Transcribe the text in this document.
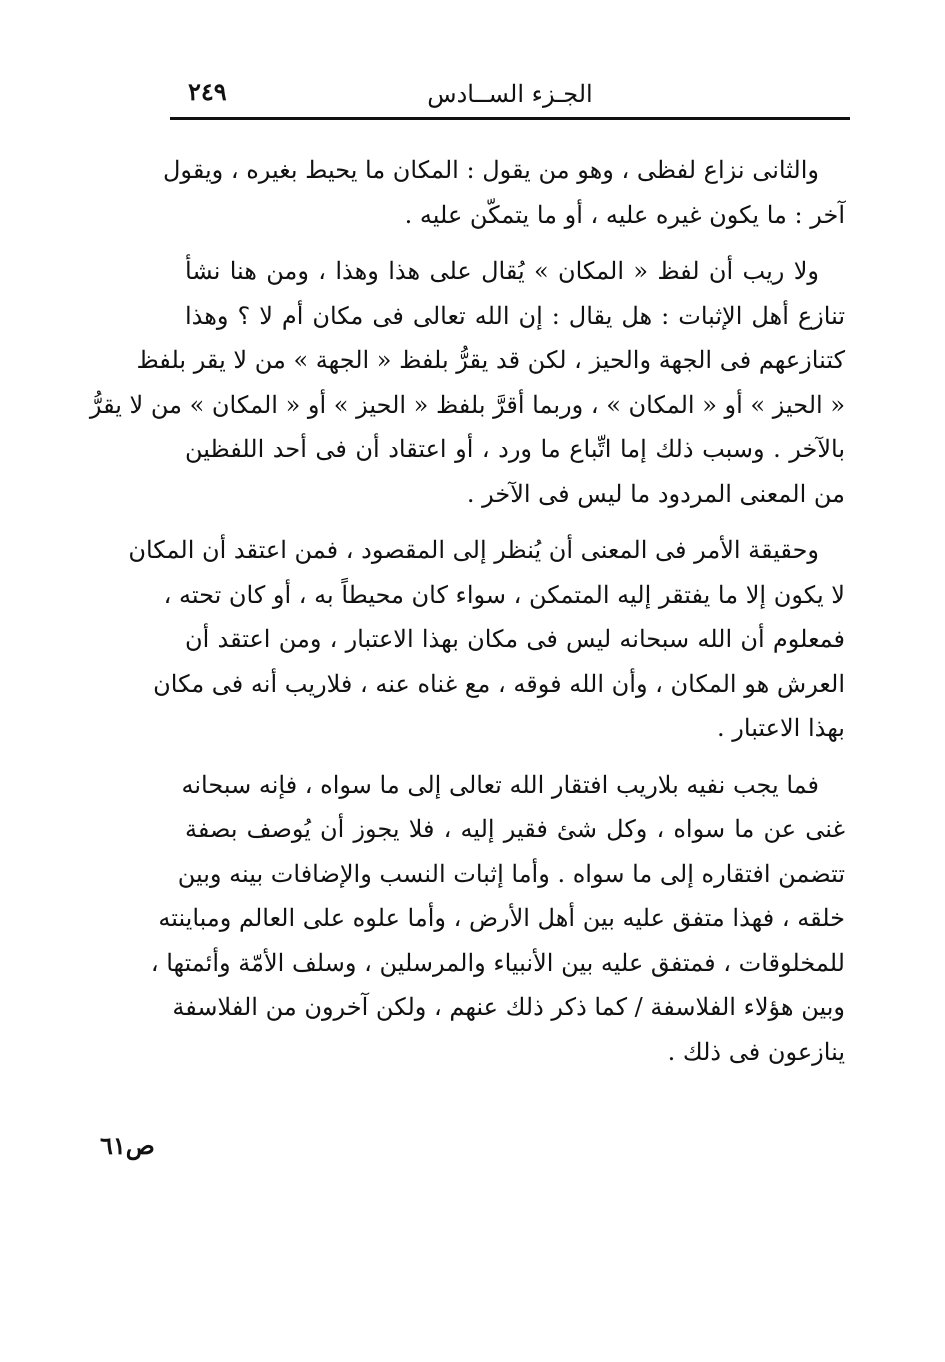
الجـزء الســادس
٢٤٩

والثانى نزاع لفظى ، وهو من يقول : المكان ما يحيط بغيره ، ويقول
آخر : ما يكون غيره عليه ، أو ما يتمكّن عليه .

ولا ريب أن لفظ « المكان » يُقال على هذا وهذا ، ومن هنا نشأ
تنازع أهل الإثبات : هل يقال : إن الله تعالى فى مكان أم لا ؟ وهذا
كتنازعهم فى الجهة والحيز ، لكن قد يقرُّ بلفظ « الجهة » من لا يقر بلفظ
« الحيز » أو « المكان » ، وربما أقرَّ بلفظ « الحيز » أو « المكان » من لا يقرُّ
بالآخر . وسبب ذلك إما اتِّباع ما ورد ، أو اعتقاد أن فى أحد اللفظين
من المعنى المردود ما ليس فى الآخر .

وحقيقة الأمر فى المعنى أن يُنظر إلى المقصود ، فمن اعتقد أن المكان
لا يكون إلا ما يفتقر إليه المتمكن ، سواء كان محيطاً به ، أو كان تحته ،
فمعلوم أن الله سبحانه ليس فى مكان بهذا الاعتبار ، ومن اعتقد أن
العرش هو المكان ، وأن الله فوقه ، مع غناه عنه ، فلاريب أنه فى مكان
بهذا الاعتبار .

فما يجب نفيه بلاريب افتقار الله تعالى إلى ما سواه ، فإنه سبحانه
غنى عن ما سواه ، وكل شئ فقير إليه ، فلا يجوز أن يُوصف بصفة
تتضمن افتقاره إلى ما سواه . وأما إثبات النسب والإضافات بينه وبين
خلقه ، فهذا متفق عليه بين أهل الأرض ، وأما علوه على العالم ومباينته
للمخلوقات ، فمتفق عليه بين الأنبياء والمرسلين ، وسلف الأمّة وأئمتها ،
وبين هؤلاء الفلاسفة / كما ذكر ذلك عنهم ، ولكن آخرون من الفلاسفة
ينازعون فى ذلك .

ص٦١
